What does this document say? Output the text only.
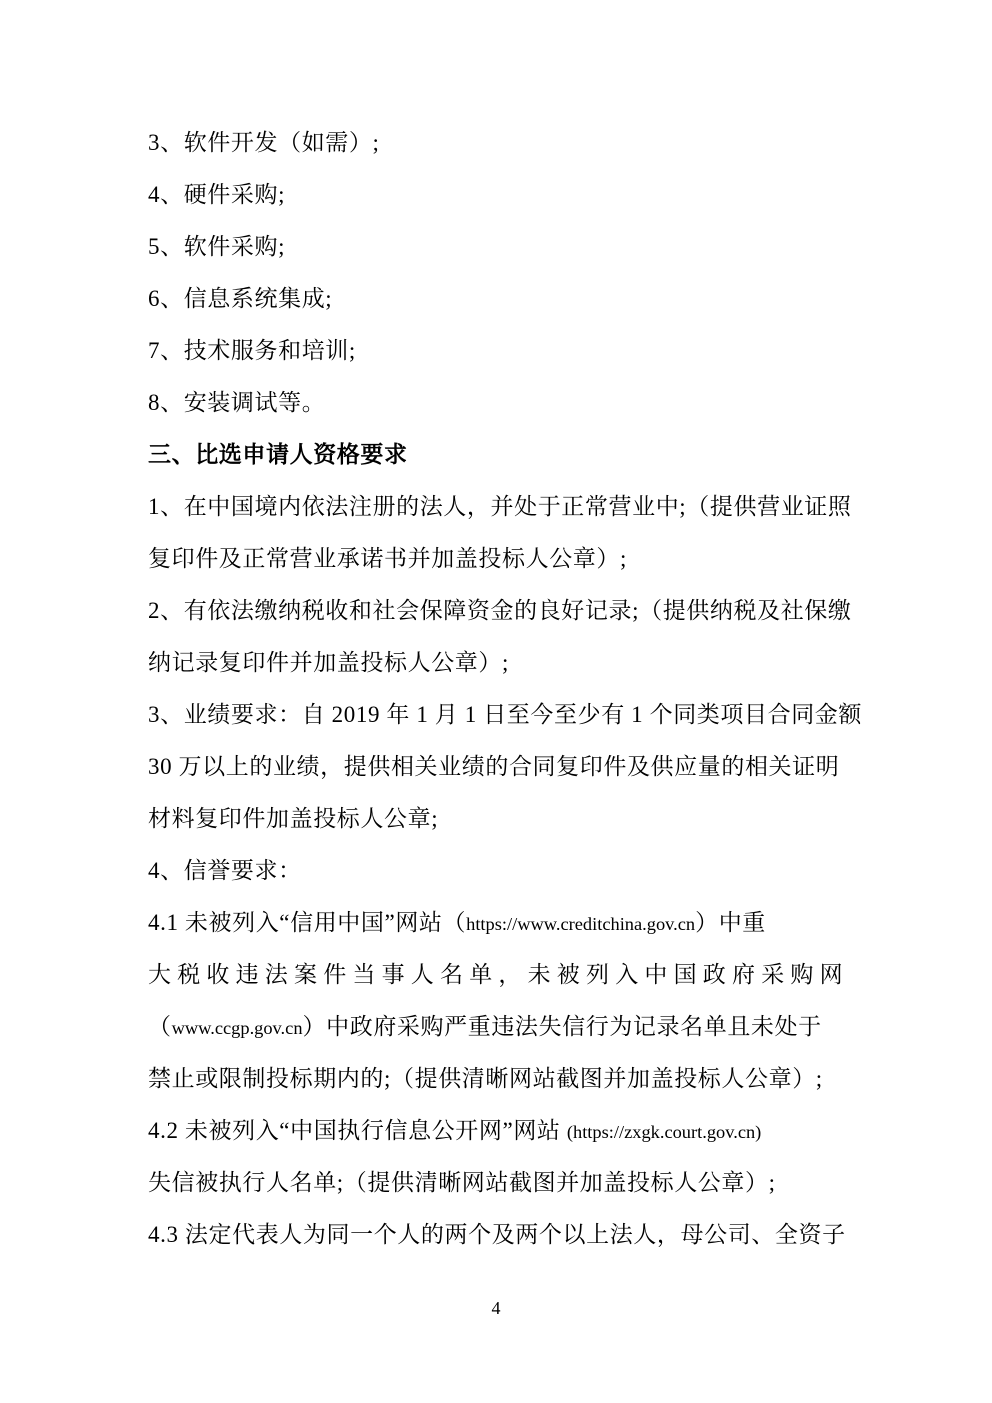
3、软件开发（如需）;
4、硬件采购;
5、软件采购;
6、信息系统集成;
7、技术服务和培训;
8、安装调试等。
三、比选申请人资格要求
1、在中国境内依法注册的法人，并处于正常营业中;（提供营业证照
复印件及正常营业承诺书并加盖投标人公章）;
2、有依法缴纳税收和社会保障资金的良好记录;（提供纳税及社保缴
纳记录复印件并加盖投标人公章）;
3、业绩要求：自 2019 年 1 月 1 日至今至少有 1 个同类项目合同金额
30 万以上的业绩，提供相关业绩的合同复印件及供应量的相关证明
材料复印件加盖投标人公章;
4、信誉要求：
4.1 未被列入“信用中国”网站（https://www.creditchina.gov.cn）中重
大税收违法案件当事人名单，未被列入中国政府采购网
（www.ccgp.gov.cn）中政府采购严重违法失信行为记录名单且未处于
禁止或限制投标期内的;（提供清晰网站截图并加盖投标人公章）;
4.2 未被列入“中国执行信息公开网”网站 (https://zxgk.court.gov.cn)
失信被执行人名单;（提供清晰网站截图并加盖投标人公章）;
4.3 法定代表人为同一个人的两个及两个以上法人，母公司、全资子
4
